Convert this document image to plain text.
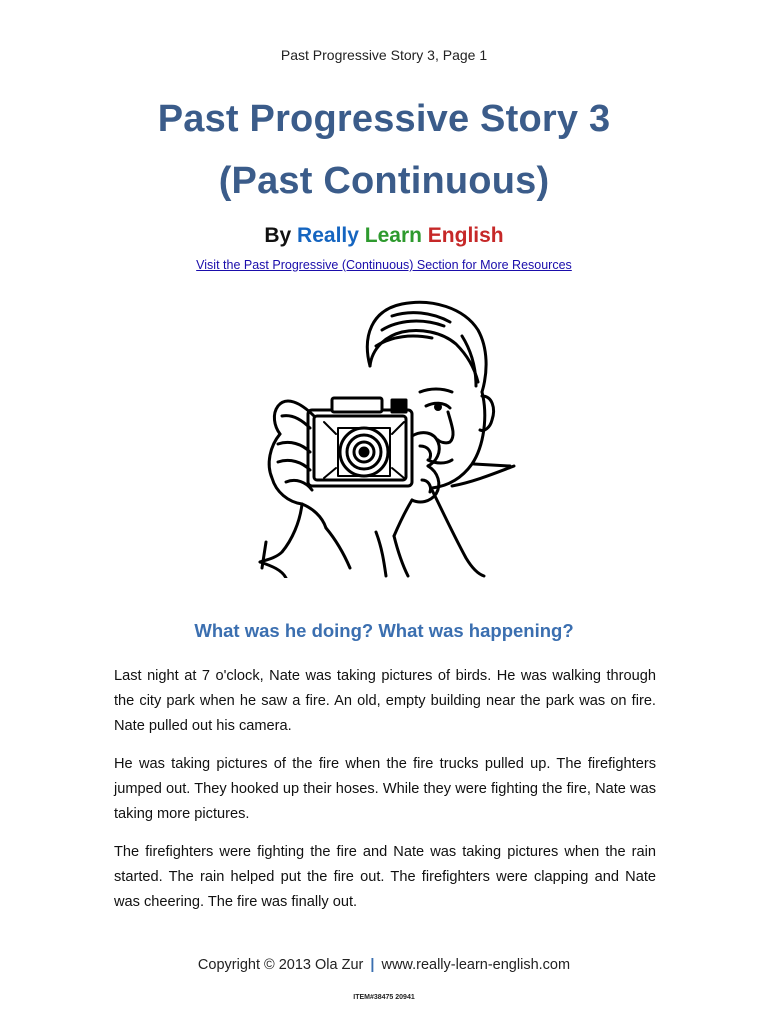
Past Progressive Story 3, Page 1
Past Progressive Story 3
(Past Continuous)
By Really Learn English
Visit the Past Progressive (Continuous) Section for More Resources
What was he doing? What was happening?

Last night at 7 o'clock, Nate was taking pictures of birds. He was walking through the city park when he saw a fire. An old, empty building near the park was on fire. Nate pulled out his camera.

He was taking pictures of the fire when the fire trucks pulled up. The firefighters jumped out. They hooked up their hoses. While they were fighting the fire, Nate was taking more pictures.

The firefighters were fighting the fire and Nate was taking pictures when the rain started. The rain helped put the fire out. The firefighters were clapping and Nate was cheering. The fire was finally out.

Copyright © 2013 Ola Zur | www.really-learn-english.com
ITEM#38475 20941
